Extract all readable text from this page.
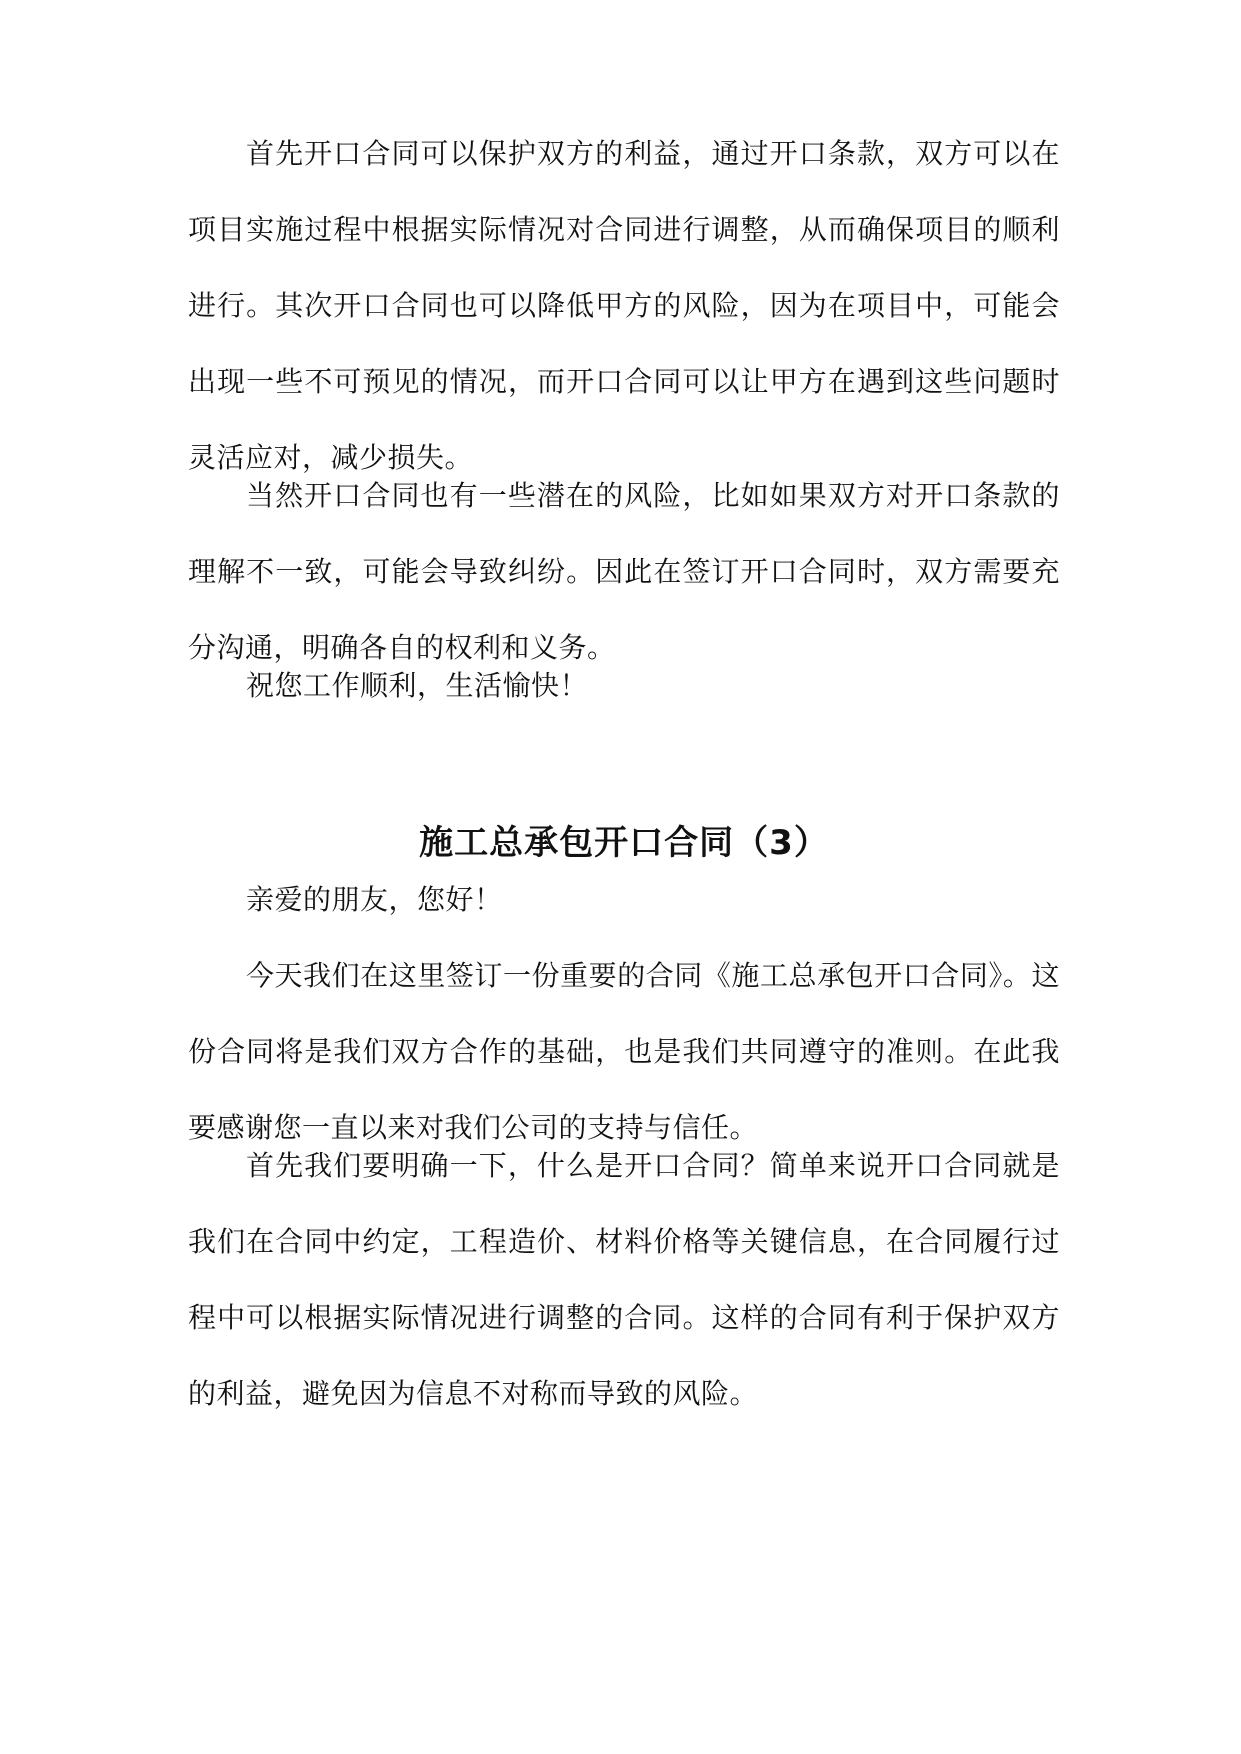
首先开口合同可以保护双方的利益，通过开口条款，双方可以在项目实施过程中根据实际情况对合同进行调整，从而确保项目的顺利进行。其次开口合同也可以降低甲方的风险，因为在项目中，可能会出现一些不可预见的情况，而开口合同可以让甲方在遇到这些问题时灵活应对，减少损失。

当然开口合同也有一些潜在的风险，比如如果双方对开口条款的理解不一致，可能会导致纠纷。因此在签订开口合同时，双方需要充分沟通，明确各自的权利和义务。

祝您工作顺利，生活愉快！

施工总承包开口合同（3）

亲爱的朋友，您好！

今天我们在这里签订一份重要的合同《施工总承包开口合同》。这份合同将是我们双方合作的基础，也是我们共同遵守的准则。在此我要感谢您一直以来对我们公司的支持与信任。

首先我们要明确一下，什么是开口合同？简单来说开口合同就是我们在合同中约定，工程造价、材料价格等关键信息，在合同履行过程中可以根据实际情况进行调整的合同。这样的合同有利于保护双方的利益，避免因为信息不对称而导致的风险。
